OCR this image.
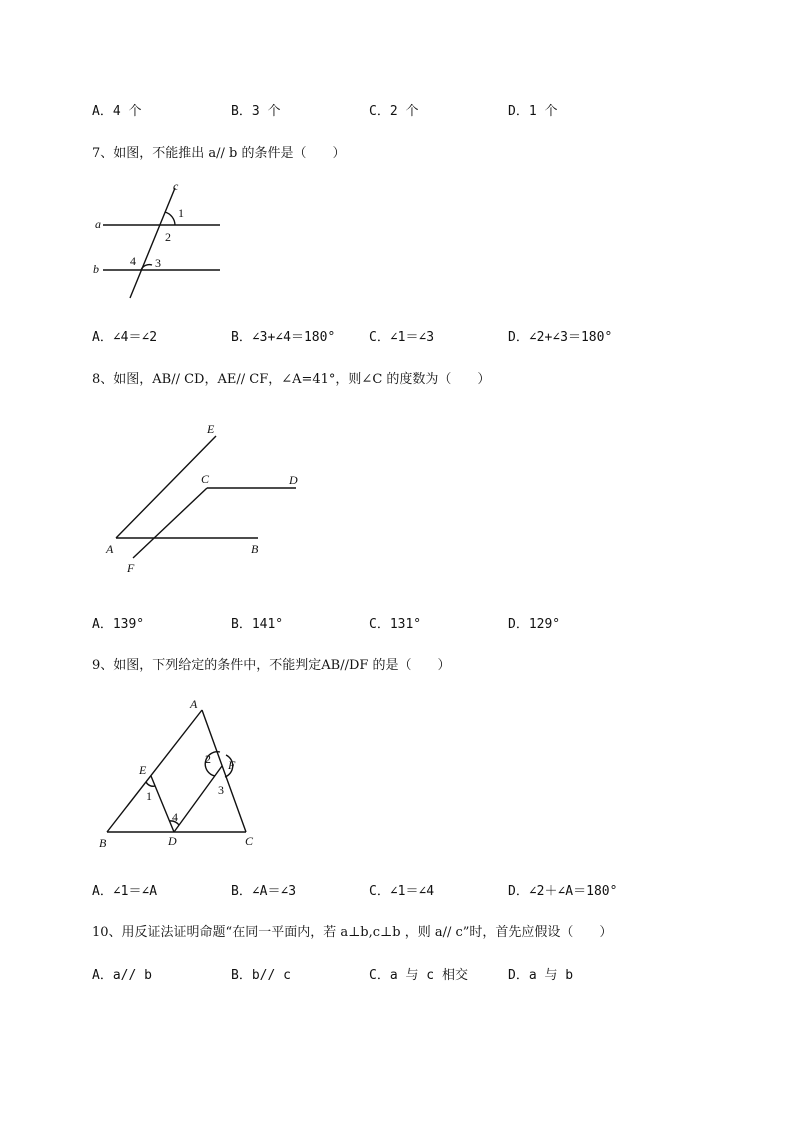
A．4 个	B．3 个	C．2 个	D．1 个
7、如图，不能推出 a// b 的条件是（　　）
c
a
b
1
2
4 3
A．∠4＝∠2	B．∠3+∠4＝180°	C．∠1＝∠3	D．∠2+∠3＝180°
8、如图，AB// CD，AE// CF，∠A=41°，则∠C 的度数为（　　）
E
C	D
A	B
F
A．139°	B．141°	C．131°	D．129°
9、如图，下列给定的条件中，不能判定AB//DF 的是（　　）
A
E	F
B	D	C
1
2
3
4
A．∠1＝∠A	B．∠A＝∠3	C．∠1＝∠4	D．∠2＋∠A＝180°
10、用反证法证明命题“在同一平面内，若 a⊥b,c⊥b ，则 a// c”时，首先应假设（　　）
A．a// b	B．b// c	C．a 与 c 相交	D．a 与 b
